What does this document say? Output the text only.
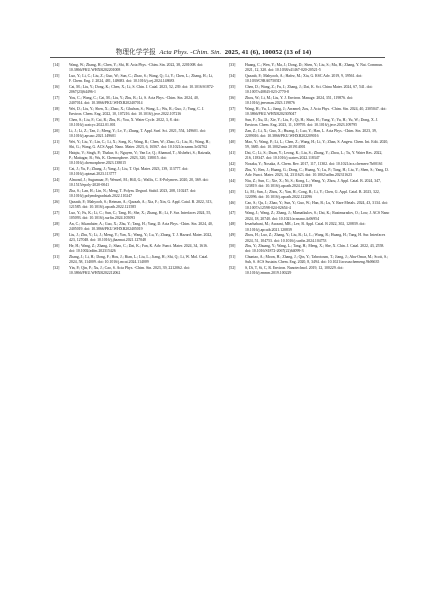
物理化学学报 Acta Phys. -Chim. Sin. 2025, 41 (6), 100052 (13 of 14)
[14] Wang, W.; Zhang, H.; Chen, Y.; Shi, H. Acta Phys. -Chim. Sin. 2022, 38, 2201008. doi: 10.3866/PKU.WHXB202201008
[15] Luo, Y.; Li, C.; Liu, Z.; Guo, W.; Sun, C.; Zhao, S.; Wang, Q.; Li, Y.; Chen, L.; Zhang, H.; Li, F. Chem. Eng. J. 2024, 481, 148683. doi: 10.1016/j.cej.2024.148683
[16] Cai, M.; Liu, Y.; Dong, K.; Chen, X.; Li, S. Chin. J. Catal. 2023, 52, 239. doi: 10.1016/S1872-2067(23)64496-1
[17] You, C.; Wang, C.; Cai, M.; Liu, Y.; Zhu, B.; Li, S. Acta Phys. -Chim. Sin. 2024, 40, 2407014. doi: 10.3866/PKU.WHXB202407014
[18] Wei, D.; Liu, Y.; Shen, X.; Zhao, X.; Ghafran, S.; Wang, L.; Wu, R.; Guo, J.; Yang, C. J. Environ. Chem. Eng. 2022, 10, 107216. doi: 10.1016/j.jece.2022.107216
[19] Chen, S.; Liu, F.; Cai, R.; Zhu, B.; You, X. Water Cycle. 2022, 3, 8. doi: 10.1016/j.watcyc.2022.01.001
[20] Li, J.; Li, Z.; Tan, J.; Meng, Y.; Lv, Y.; Zhang, T. Appl. Surf. Sci. 2021, 554, 149601. doi: 10.1016/j.apsusc.2021.149601
[21] Wei, Y.; Liu, Y.; Lin, C.; Li, X.; Song, K.; Wang, R.; Chen, W.; Zhao, G.; Liu, R.; Wang, H.; Shi, G.; Wang, G. ACS Appl. Nano. Mater. 2023, 6, 16567. doi: 10.1021/acsanm.3c02762
[22] Haiqiu, V.; Singh, P.; Thakur, S.; Nguyen, V.; Van Le, Q.; Ahamad, T.; Alshehri, S.; Raizada, P.; Mattagar, B.; Wu, K. Chemosphere. 2023, 320, 138015. doi: 10.1016/j.chemosphere.2023.138015
[23] Cai, J.; Yu, F.; Zhang, J.; Yang, J.; Liu, T. Opt. Mater. 2023, 139, 113777. doi: 10.1016/j.optmat.2023.113777
[24] Almond, J.; Sugumaar, P.; Wenzel, M.; Hill, G.; Wallis, C. E-Polymers. 2020, 20, 369. doi: 10.1515/epoly-2020-0041
[25] Zha, S.; Lan, H.; Lin, N.; Meng, T. Polym. Degrad. Stabil. 2023, 208, 110247. doi: 10.1016/j.polymdegradstab.2022.110247
[26] Qazaab, F.; Mahyoob, S.; Reiman, A.; Qazaab, A.; Xia, F.; Xin, G. Appl. Catal. B. 2022, 313, 121585. doi: 10.1016/j.apcatb.2022.121585
[27] Luo, Y.; Fu, K.; Li, C.; Sun, C.; Tang, H.; She, X.; Zhang, H.; Li, F. Sur. Interfaces 2024, 55, 105093. doi: 10.1016/j.surfin.2024.105093
[28] An, C.; Sikandaier, A.; Guo, X.; Zhu, Y.; Tang, H.; Yang, D. Acta Phys. -Chim. Sin. 2024, 40, 2405019. doi: 10.3866/PKU.WHXB202405019
[29] Liu, J.; Zhu, Y.; Li, J.; Meng, Y.; Yan, X.; Wang, Y.; Lu, Y.; Zhang, T. J. Hazard. Mater. 2022, 423, 127048. doi: 10.1016/j.jhazmat.2021.127048
[30] He, H.; Wang, Z.; Zhang, J.; Shao, C.; Dai, K.; Fan, K. Adv. Funct. Mater. 2024, 34, 1616. doi: 10.1002/adfm.202315426
[31] Zhang, J.; Li, H.; Dong, F.; Hou, J.; Bian, L.; Liu, L.; Jiang, H.; Shi, Q.; Li, W. Mol. Catal. 2024, 58, 114009. doi: 10.1016/j.mcat.2024.114009
[32] Yin, P.; Qin, P.; Xu, J.; Cao, S. Acta Phys. -Chim. Sin. 2023, 39, 2212062. doi: 10.3866/PKU.WHXB202212062
[33] Huang, C.; Wen, Y.; Ma, J.; Dong, D.; Shen, Y.; Liu, S.; Ma, H.; Zhang, Y. Nat. Commun. 2021, 12, 320. doi: 10.1038/s41467-020-20521-5
[34] Qazaab, F.; Mahyoob, A.; Hafez, M.; Xia, G. RSC Adv. 2019, 9, 39561. doi: 10.1039/C9RA07505D
[35] Chen, D.; Wang, Z.; Fu, J.; Zhang, J.; Dai, K. Sci. China Mater. 2024, 67, 541. doi: 10.1007/s40843-023-2770-8
[36] Zhou, W.; Li, M.; Liu, Y. J. Environ. Manage. 2024, 351, 119876. doi: 10.1016/j.jenvman.2023.119876
[37] Wang, H.; Yu, L.; Jiang, J.; Arramel; Zou, J. Acta Phys. -Chim. Sin. 2024, 40, 2305047. doi: 10.3866/PKU.WHXB202305047
[38] Sun, F.; Xu, D.; Xie, Y.; Liu, F.; Qi, H.; Shao, H.; Yang, Y.; Yu, H.; Yu, W.; Dong, X. J. Environ. Chem. Eng. 2023, 11, 109795. doi: 10.1016/j.jece.2023.109795
[39] Zan, Z.; Li, X.; Guo, X.; Huang, J.; Luo, Y.; Han, L. Acta Phys. -Chim. Sin. 2023, 39, 2209016. doi: 10.3866/PKU.WHXB202209016
[40] Mao, Y.; Wang, P.; Li, L.; Chen, Z.; Wang, H.; Li, Y.; Zhan, S. Angew. Chem. Int. Edit. 2020, 59, 3685. doi: 10.1002/anie.201914001
[41] Dai, C.; Li, S.; Duan, Y.; Leong, K.; Liu, S.; Zhang, Y.; Zhou, L.; Tu, Y. Water Res. 2022, 216, 118347. doi: 10.1016/j.watres.2022.118347
[42] Nosaka, Y.; Nosaka, A. Chem. Rev. 2017, 117, 11302. doi: 10.1021/acs.chemrev.7b00161
[43] Zhu, Y.; Ren, J.; Huang, G.; Dong, C.; Huang, Y.; Lu, P.; Tang, H.; Liu, Y.; Shen, S.; Yang, D. Adv. Funct. Mater. 2023, 34, 2311623. doi: 10.1002/adfm.202311623
[44] Niu, Z.; Sun, C.; Xie, X.; Ni, S.; Kong, L.; Wang, Y.; Zhou, J. Appl. Catal. B. 2024, 347, 123819. doi: 10.1016/j.apcatb.2024.123819
[45] Li, M.; Sun, J.; Zhou, X.; Yan, H.; Cong, B.; Li, Y.; Chen, G. Appl. Catal. B. 2023, 322, 122096. doi: 10.1016/j.apcatb.2022.122096
[46] Cao, S.; Qu, J.; Zhao, Y.; Sun, Y.; Guo, W.; Han, B.; Lu, Y. Rare Metals. 2024, 43, 3134. doi: 10.1007/s12598-024-02654-4
[47] Wang, J.; Wang, Z.; Zhang, J.; Mamatkulov, S.; Dai, K.; Ruzimuradov, O.; Low, J. ACS Nano 2024, 18, 20740. doi: 10.1021/acsnano.4c06954
[48] Iesarhabani, M.; Asraani, MR.; Lee, B. Appl. Catal. B 2022, 302, 120839. doi: 10.1016/j.apcatb.2021.120839
[49] Zhou, H.; Luo, Z.; Zhang, Y.; Liu, B.; Li, L.; Wang, R.; Huang, H.; Tang, H. Sur. Interfaces 2024, 51, 104753. doi: 10.1016/j.surfin.2024.104753
[50] Zhu, Y.; Zhuang, Y.; Wang, L.; Tang, H.; Meng, X.; She, X. Chin. J. Catal. 2022, 43, 2558. doi: 10.1016/S1872-2067(22)64099-3
[51] Chuntao, A.; Moon, H.; Zhang, J.; Qin, Y.; Tabrotoum, T.; Jiang, J.; Abu-Omar, M.; Scott, S.; Suh, S. ACS Sustain. Chem. Eng. 2020, 8, 3494. doi: 10.1021/acssuschemeng.9b06635
[52] S, Di, T, Si, C, R. Environ. Nanotechnol. 2019, 12, 100229. doi: 10.1016/j.enmm.2019.100229
